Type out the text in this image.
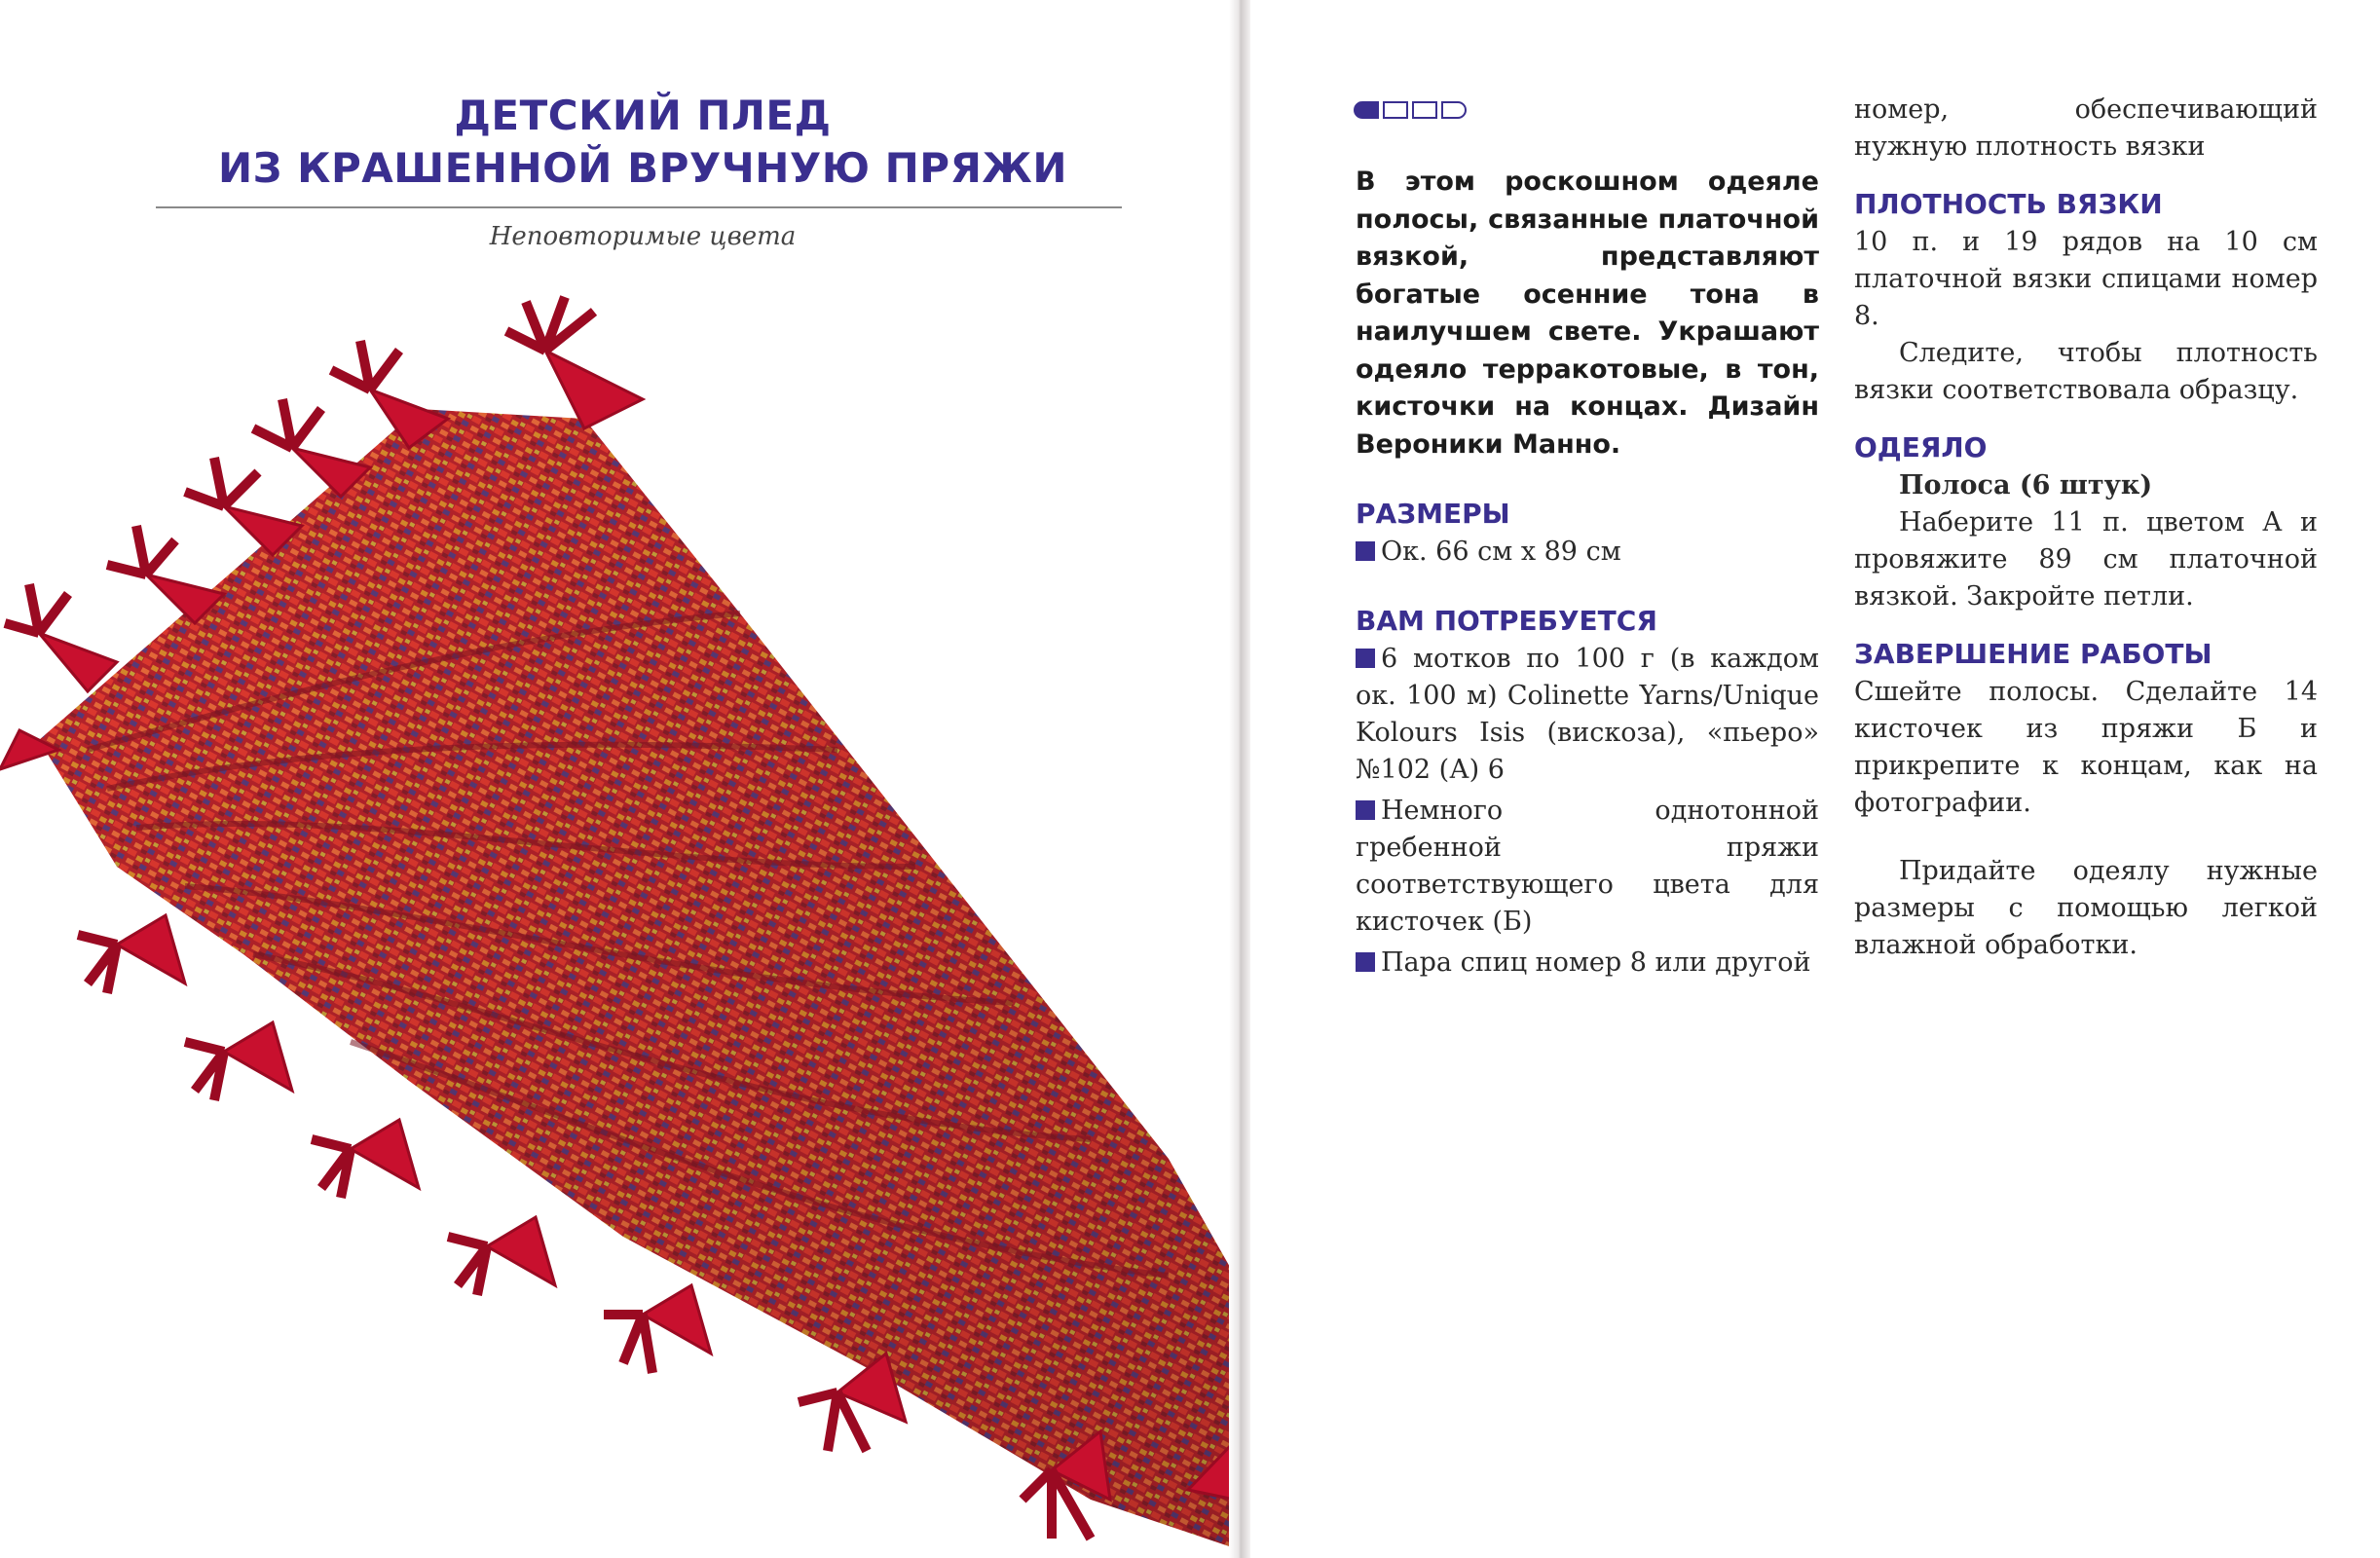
ДЕТСКИЙ ПЛЕД
ИЗ КРАШЕННОЙ ВРУЧНУЮ ПРЯЖИ
Неповторимые цвета

В этом роскошном одеяле полосы, связанные платочной вязкой, представляют богатые осенние тона в наилучшем свете. Украшают одеяло терракотовые, в тон, кисточки на концах. Дизайн Вероники Манно.

РАЗМЕРЫ

Ок. 66 см х 89 см

ВАМ ПОТРЕБУЕТСЯ

6 мотков по 100 г (в каждом ок. 100 м) Colinette Yarns/Unique Kolours Isis (вискоза), «пьеро» №102 (А) 6

Немного однотонной гребенной пряжи соответствующего цвета для кисточек (Б)

Пара спиц номер 8 или другой

номер, обеспечивающий нужную плотность вязки

ПЛОТНОСТЬ ВЯЗКИ

10 п. и 19 рядов на 10 см платочной вязки спицами номер 8.

Следите, чтобы плотность вязки соответствовала образцу.

ОДЕЯЛО

Полоса (6 штук)

Наберите 11 п. цветом А и провяжите 89 см платочной вязкой. Закройте петли.

ЗАВЕРШЕНИЕ РАБОТЫ

Сшейте полосы. Сделайте 14 кисточек из пряжи Б и прикрепите к концам, как на фотографии.

Придайте одеялу нужные размеры с помощью легкой влажной обработки.
